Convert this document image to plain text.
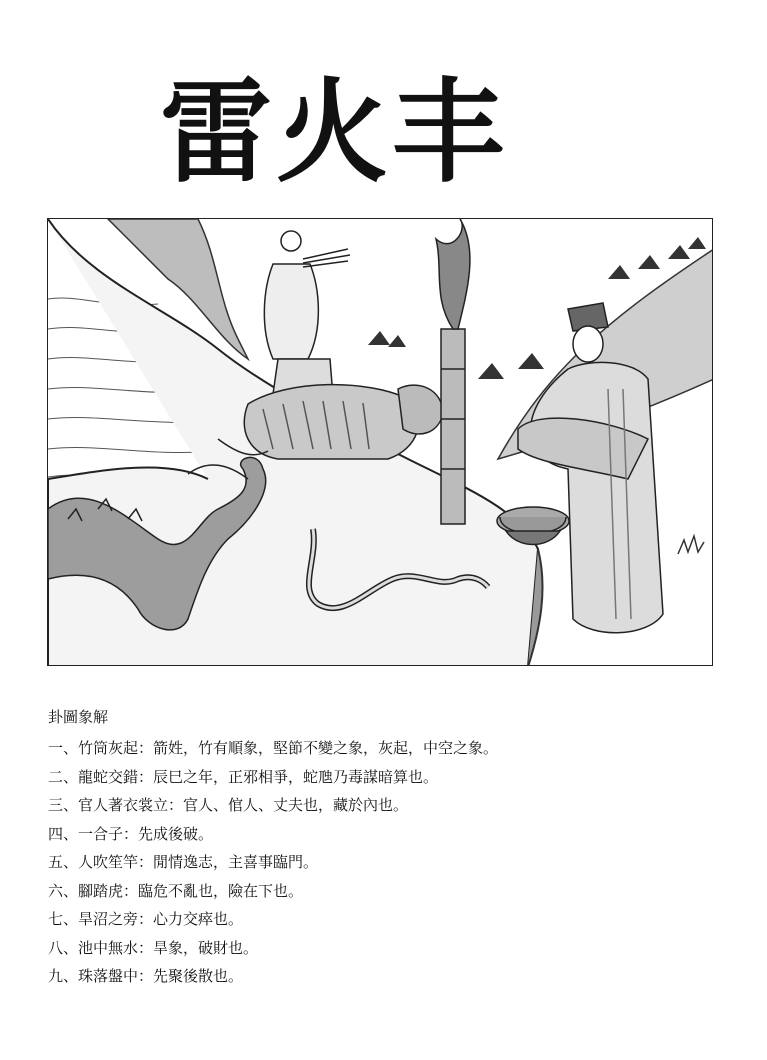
雷火丰
卦圖象解
一、竹筒灰起：箭姓，竹有順象，堅節不變之象，灰起，中空之象。
二、龍蛇交錯：辰巳之年，正邪相爭，蛇虺乃毒謀暗算也。
三、官人著衣裳立：官人、倌人、丈夫也，藏於內也。
四、一合子：先成後破。
五、人吹笙竿：閒情逸志，主喜事臨門。
六、腳踏虎：臨危不亂也，險在下也。
七、旱沼之旁：心力交瘁也。
八、池中無水：旱象，破財也。
九、珠落盤中：先聚後散也。
